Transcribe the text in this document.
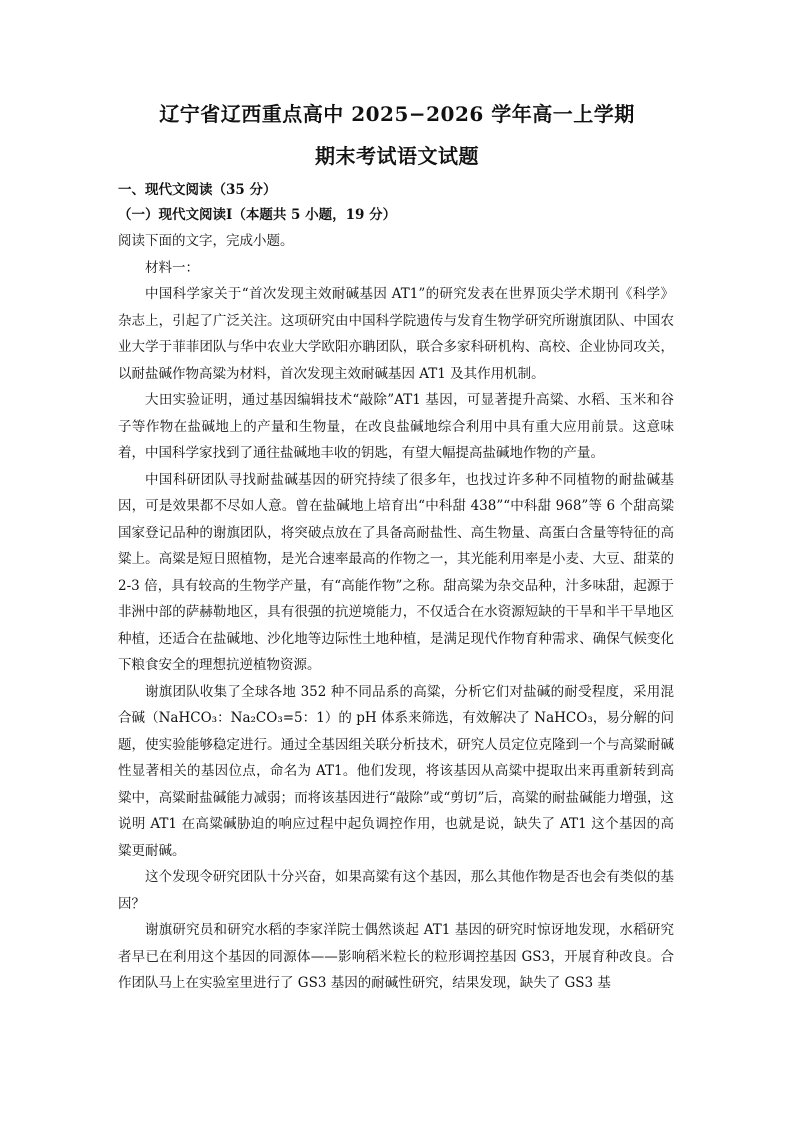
辽宁省辽西重点高中 2025−2026 学年高一上学期
期末考试语文试题

一、现代文阅读（35 分）

（一）现代文阅读Ⅰ（本题共 5 小题，19 分）

阅读下面的文字，完成小题。

材料一：

中国科学家关于“首次发现主效耐碱基因 AT1”的研究发表在世界顶尖学术期刊《科学》杂志上，引起了广泛关注。这项研究由中国科学院遗传与发育生物学研究所谢旗团队、中国农业大学于菲菲团队与华中农业大学欧阳亦聃团队，联合多家科研机构、高校、企业协同攻关，以耐盐碱作物高粱为材料，首次发现主效耐碱基因 AT1 及其作用机制。

大田实验证明，通过基因编辑技术“敲除”AT1 基因，可显著提升高粱、水稻、玉米和谷子等作物在盐碱地上的产量和生物量，在改良盐碱地综合利用中具有重大应用前景。这意味着，中国科学家找到了通往盐碱地丰收的钥匙，有望大幅提高盐碱地作物的产量。

中国科研团队寻找耐盐碱基因的研究持续了很多年，也找过许多种不同植物的耐盐碱基因，可是效果都不尽如人意。曾在盐碱地上培育出“中科甜 438”“中科甜 968”等 6 个甜高粱国家登记品种的谢旗团队，将突破点放在了具备高耐盐性、高生物量、高蛋白含量等特征的高粱上。高粱是短日照植物，是光合速率最高的作物之一，其光能利用率是小麦、大豆、甜菜的 2-3 倍，具有较高的生物学产量，有“高能作物”之称。甜高粱为杂交品种，汁多味甜，起源于非洲中部的萨赫勒地区，具有很强的抗逆境能力，不仅适合在水资源短缺的干旱和半干旱地区种植，还适合在盐碱地、沙化地等边际性土地种植，是满足现代作物育种需求、确保气候变化下粮食安全的理想抗逆植物资源。

谢旗团队收集了全球各地 352 种不同品系的高粱，分析它们对盐碱的耐受程度，采用混合碱（NaHCO₃：Na₂CO₃=5：1）的 pH 体系来筛选，有效解决了 NaHCO₃，易分解的问题，使实验能够稳定进行。通过全基因组关联分析技术，研究人员定位克隆到一个与高粱耐碱性显著相关的基因位点，命名为 AT1。他们发现，将该基因从高粱中提取出来再重新转到高粱中，高粱耐盐碱能力减弱；而将该基因进行“敲除”或“剪切”后，高粱的耐盐碱能力增强，这说明 AT1 在高粱碱胁迫的响应过程中起负调控作用，也就是说，缺失了 AT1 这个基因的高粱更耐碱。

这个发现令研究团队十分兴奋，如果高粱有这个基因，那么其他作物是否也会有类似的基因？

谢旗研究员和研究水稻的李家洋院士偶然谈起 AT1 基因的研究时惊讶地发现，水稻研究者早已在利用这个基因的同源体——影响稻米粒长的粒形调控基因 GS3，开展育种改良。合作团队马上在实验室里进行了 GS3 基因的耐碱性研究，结果发现，缺失了 GS3 基
